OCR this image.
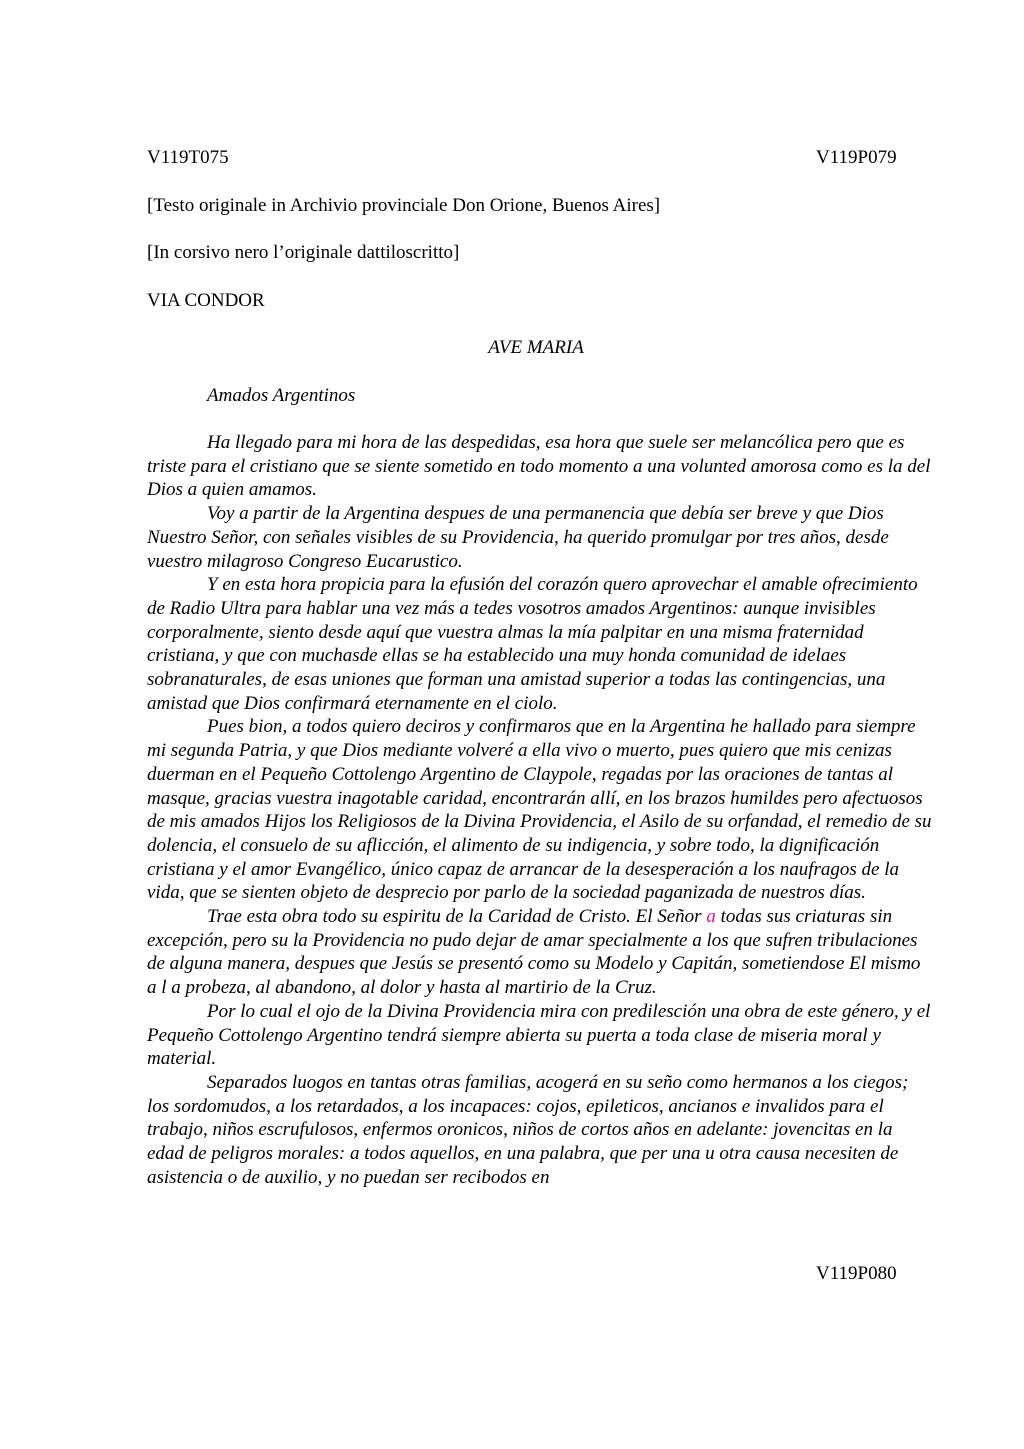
V119T075	V119P079
[Testo originale in Archivio provinciale Don Orione, Buenos Aires]
[In corsivo nero l’originale dattiloscritto]
VIA CONDOR
AVE MARIA
Amados Argentinos

Ha llegado para mi hora de las despedidas, esa hora que suele ser melancólica pero que es triste para el cristiano que se siente sometido en todo momento a una volunted amorosa como es la del Dios a quien amamos.

Voy a partir de la Argentina despues de una permanencia que debía ser breve y que Dios Nuestro Señor, con señales visibles de su Providencia, ha querido promulgar por tres años, desde vuestro milagroso Congreso Eucarustico.

Y en esta hora propicia para la efusión del corazón quero aprovechar el amable ofrecimiento de Radio Ultra para hablar una vez más a tedes vosotros amados Argentinos: aunque invisibles corporalmente, siento desde aquí que vuestra almas la mía palpitar en una misma fraternidad cristiana, y que con muchasde ellas se ha establecido una muy honda comunidad de idelaes sobranaturales, de esas uniones que forman una amistad superior a todas las contingencias, una amistad que Dios confirmará eternamente en el ciolo.

Pues bion, a todos quiero deciros y confirmaros que en la Argentina he hallado para siempre mi segunda Patria, y que Dios mediante volveré a ella vivo o muerto, pues quiero que mis cenizas duerman en el Pequeño Cottolengo Argentino de Claypole, regadas por las oraciones de tantas al masque, gracias vuestra inagotable caridad, encontrarán allí, en los brazos humildes pero afectuosos de mis amados Hijos los Religiosos de la Divina Providencia, el Asilo de su orfandad, el remedio de su dolencia, el consuelo de su aflicción, el alimento de su indigencia, y sobre todo, la dignificación cristiana y el amor Evangélico, único capaz de arrancar de la desesperación a los naufragos de la vida, que se sienten objeto de desprecio por parlo de la sociedad paganizada de nuestros días.

Trae esta obra todo su espiritu de la Caridad de Cristo. El Señor a todas sus criaturas sin excepción, pero su la Providencia no pudo dejar de amar specialmente a los que sufren tribulaciones de alguna manera, despues que Jesús se presentó como su Modelo y Capitán, sometiendose El mismo a l a probeza, al abandono, al dolor y hasta al martirio de la Cruz.

Por lo cual el ojo de la Divina Providencia mira con predilesción una obra de este género, y el Pequeño Cottolengo Argentino tendrá siempre abierta su puerta a toda clase de miseria moral y material.

Separados luogos en tantas otras familias, acogerá en su seño como hermanos a los ciegos; los sordomudos, a los retardados, a los incapaces: cojos, epileticos, ancianos e invalidos para el trabajo, niños escrufulosos, enfermos oronicos, niños de cortos años en adelante: jovencitas en la edad de peligros morales: a todos aquellos, en una palabra, que per una u otra causa necesiten de asistencia o de auxilio, y no puedan ser recibodos en

V119P080
